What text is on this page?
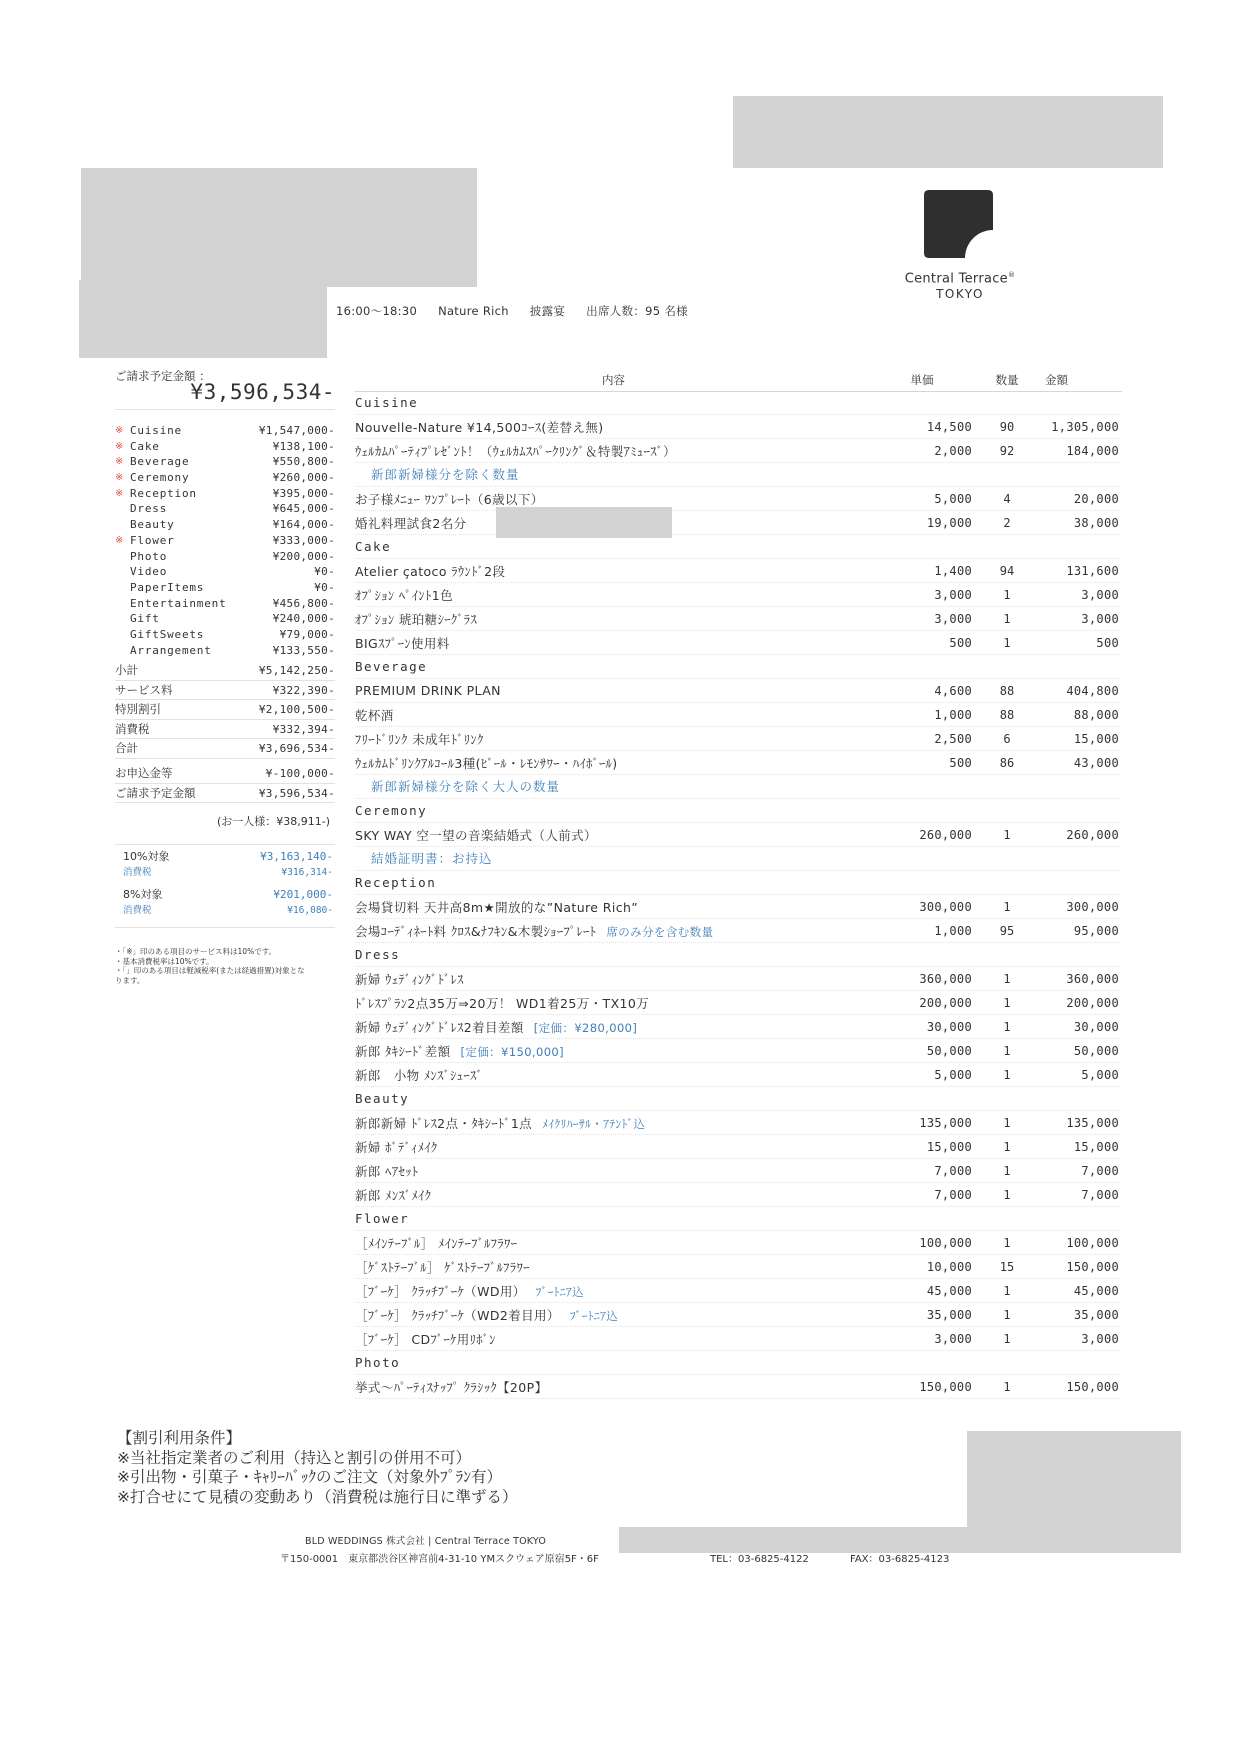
Central Terrace®
TOKYO
16:00〜18:30 Nature Rich 披露宴 出席人数：95 名様
ご請求予定金額 ：
¥3,596,534-
※ Cuisine	¥1,547,000-
※ Cake	¥138,100-
※ Beverage	¥550,800-
※ Ceremony	¥260,000-
※ Reception	¥395,000-
Dress	¥645,000-
Beauty	¥164,000-
※ Flower	¥333,000-
Photo	¥200,000-
Video	¥0-
PaperItems	¥0-
Entertainment	¥456,800-
Gift	¥240,000-
GiftSweets	¥79,000-
Arrangement	¥133,550-
小計	¥5,142,250-
サービス料	¥322,390-
特別割引	¥2,100,500-
消費税	¥332,394-
合計	¥3,696,534-
お申込金等	¥-100,000-
ご請求予定金額	¥3,596,534-
(お一人様：¥38,911-)
10%対象	¥3,163,140-
消費税	¥316,314-
8%対象	¥201,000-
消費税	¥16,080-
・「※」印のある項目のサービス料は10%です。
・基本消費税率は10%です。
・「」印のある項目は軽減税率(または経過措置)対象となります。
内容	単価	数量	金額
Cuisine
Nouvelle-Nature ¥14,500ｺｰｽ(差替え無)	14,500	90	1,305,000
ｳｪﾙｶﾑﾊﾟｰﾃｨﾌﾟﾚｾﾞﾝﾄ！（ｳｪﾙｶﾑｽﾊﾟｰｸﾘﾝｸﾞ＆特製ｱﾐｭｰｽﾞ）	2,000	92	184,000
新郎新婦様分を除く数量
お子様ﾒﾆｭｰ ﾜﾝﾌﾟﾚｰﾄ（6歳以下）	5,000	4	20,000
婚礼料理試食2名分	19,000	2	38,000
Cake
Atelier çatoco ﾗｳﾝﾄﾞ2段	1,400	94	131,600
ｵﾌﾟｼｮﾝ ﾍﾟｲﾝﾄ1色	3,000	1	3,000
ｵﾌﾟｼｮﾝ 琥珀糖ｼｰｸﾞﾗｽ	3,000	1	3,000
BIGｽﾌﾟｰﾝ使用料	500	1	500
Beverage
PREMIUM DRINK PLAN	4,600	88	404,800
乾杯酒	1,000	88	88,000
ﾌﾘｰﾄﾞﾘﾝｸ 未成年ﾄﾞﾘﾝｸ	2,500	6	15,000
ｳｪﾙｶﾑﾄﾞﾘﾝｸｱﾙｺｰﾙ3種(ﾋﾞｰﾙ・ﾚﾓﾝｻﾜｰ・ﾊｲﾎﾞｰﾙ)	500	86	43,000
新郎新婦様分を除く大人の数量
Ceremony
SKY WAY 空一望の音楽結婚式（人前式）	260,000	1	260,000
結婚証明書：お持込
Reception
会場貸切料 天井高8m★開放的な”Nature Rich”	300,000	1	300,000
会場ｺｰﾃﾞｨﾈｰﾄ料 ｸﾛｽ&ﾅﾌｷﾝ&木製ｼｮｰﾌﾟﾚｰﾄ 席のみ分を含む数量	1,000	95	95,000
Dress
新婦 ｳｪﾃﾞｨﾝｸﾞﾄﾞﾚｽ	360,000	1	360,000
ﾄﾞﾚｽﾌﾟﾗﾝ2点35万⇒20万！ WD1着25万・TX10万	200,000	1	200,000
新婦 ｳｪﾃﾞｨﾝｸﾞﾄﾞﾚｽ2着目差額 [定価：¥280,000]	30,000	1	30,000
新郎 ﾀｷｼｰﾄﾞ差額 [定価：¥150,000]	50,000	1	50,000
新郎　小物 ﾒﾝｽﾞｼｭｰｽﾞ	5,000	1	5,000
Beauty
新郎新婦 ﾄﾞﾚｽ2点・ﾀｷｼｰﾄﾞ1点 ﾒｲｸﾘﾊｰｻﾙ・ｱﾃﾝﾄﾞ込	135,000	1	135,000
新婦 ﾎﾞﾃﾞｨﾒｲｸ	15,000	1	15,000
新郎 ﾍｱｾｯﾄ	7,000	1	7,000
新郎 ﾒﾝｽﾞﾒｲｸ	7,000	1	7,000
Flower
［ﾒｲﾝﾃｰﾌﾞﾙ］ ﾒｲﾝﾃｰﾌﾞﾙﾌﾗﾜｰ	100,000	1	100,000
［ｹﾞｽﾄﾃｰﾌﾞﾙ］ ｹﾞｽﾄﾃｰﾌﾞﾙﾌﾗﾜｰ	10,000	15	150,000
［ﾌﾞｰｹ］ ｸﾗｯﾁﾌﾞｰｹ（WD用） ﾌﾞｰﾄﾆｱ込	45,000	1	45,000
［ﾌﾞｰｹ］ ｸﾗｯﾁﾌﾞｰｹ（WD2着目用） ﾌﾞｰﾄﾆｱ込	35,000	1	35,000
［ﾌﾞｰｹ］ CDﾌﾞｰｹ用ﾘﾎﾞﾝ	3,000	1	3,000
Photo
挙式〜ﾊﾟｰﾃｨｽﾅｯﾌﾟ ｸﾗｼｯｸ【20P】	150,000	1	150,000
【割引利用条件】
※当社指定業者のご利用（持込と割引の併用不可）
※引出物・引菓子・ｷｬﾘｰﾊﾞｯｸのご注文（対象外ﾌﾟﾗﾝ有）
※打合せにて見積の変動あり（消費税は施行日に準ずる）
BLD WEDDINGS 株式会社 | Central Terrace TOKYO
〒150-0001　東京都渋谷区神宮前4-31-10 YMスクウェア原宿5F・6F	TEL：03-6825-4122	FAX：03-6825-4123
